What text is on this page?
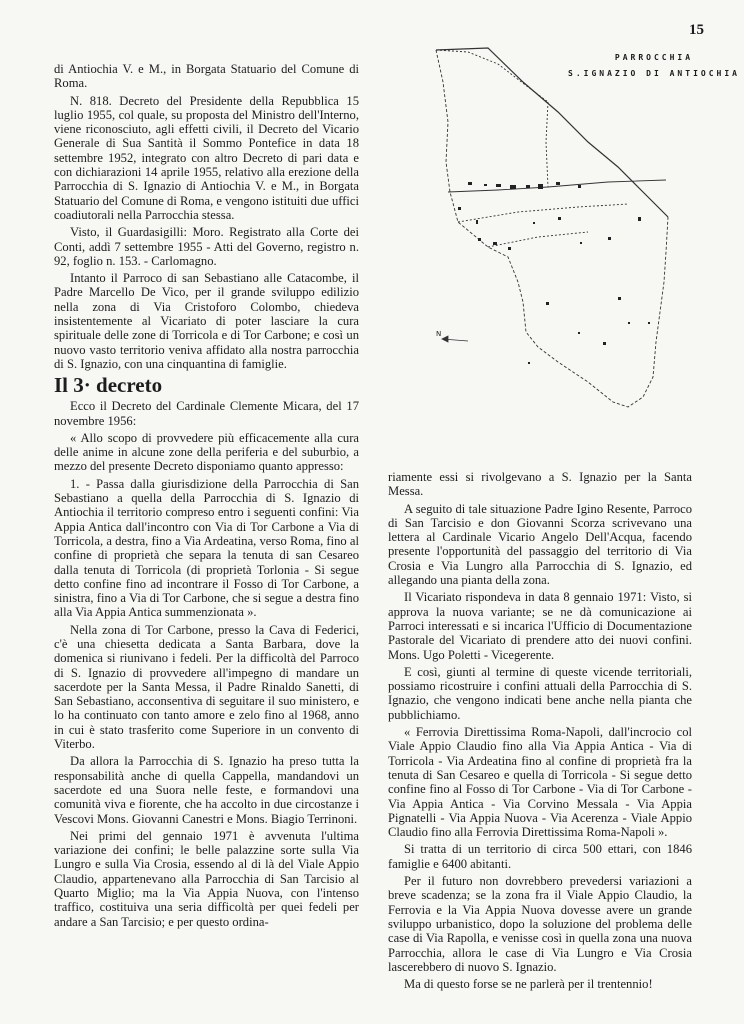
15
PARROCCHIA
S.IGNAZIO DI ANTIOCHIA
N

di Antiochia V. e M., in Borgata Statuario del Comune di Roma.

N. 818. Decreto del Presidente della Repubblica 15 luglio 1955, col quale, su proposta del Ministro dell'Interno, viene riconosciuto, agli effetti civili, il Decreto del Vicario Generale di Sua Santità il Sommo Pontefice in data 18 settembre 1952, integrato con altro Decreto di pari data e con dichiarazioni 14 aprile 1955, relativo alla erezione della Parrocchia di S. Ignazio di Antiochia V. e M., in Borgata Statuario del Comune di Roma, e vengono istituiti due uffici coadiutorali nella Parrocchia stessa.

Visto, il Guardasigilli: Moro. Registrato alla Corte dei Conti, addì 7 settembre 1955 - Atti del Governo, registro n. 92, foglio n. 153. - Carlomagno.

Intanto il Parroco di san Sebastiano alle Catacombe, il Padre Marcello De Vico, per il grande sviluppo edilizio nella zona di Via Cristoforo Colombo, chiedeva insistentemente al Vicariato di poter lasciare la cura spirituale delle zone di Torricola e di Tor Carbone; e così un nuovo vasto territorio veniva affidato alla nostra parrocchia di S. Ignazio, con una cinquantina di famiglie.

Il 3· decreto

Ecco il Decreto del Cardinale Clemente Micara, del 17 novembre 1956:

« Allo scopo di provvedere più efficacemente alla cura delle anime in alcune zone della periferia e del suburbio, a mezzo del presente Decreto disponiamo quanto appresso:

1. - Passa dalla giurisdizione della Parrocchia di San Sebastiano a quella della Parrocchia di S. Ignazio di Antiochia il territorio compreso entro i seguenti confini: Via Appia Antica dall'incontro con Via di Tor Carbone a Via di Torricola, a destra, fino a Via Ardeatina, verso Roma, fino al confine di proprietà che separa la tenuta di san Cesareo dalla tenuta di Torricola (di proprietà Torlonia - Si segue detto confine fino ad incontrare il Fosso di Tor Carbone, a sinistra, fino a Via di Tor Carbone, che si segue a destra fino alla Via Appia Antica summenzionata ».

Nella zona di Tor Carbone, presso la Cava di Federici, c'è una chiesetta dedicata a Santa Barbara, dove la domenica si riunivano i fedeli. Per la difficoltà del Parroco di S. Ignazio di provvedere all'impegno di mandare un sacerdote per la Santa Messa, il Padre Rinaldo Sanetti, di San Sebastiano, acconsentiva di seguitare il suo ministero, e lo ha continuato con tanto amore e zelo fino al 1968, anno in cui è stato trasferito come Superiore in un convento di Viterbo.

Da allora la Parrocchia di S. Ignazio ha preso tutta la responsabilità anche di quella Cappella, mandandovi un sacerdote ed una Suora nelle feste, e formandovi una comunità viva e fiorente, che ha accolto in due circostanze i Vescovi Mons. Giovanni Canestri e Mons. Biagio Terrinoni.

Nei primi del gennaio 1971 è avvenuta l'ultima variazione dei confini; le belle palazzine sorte sulla Via Lungro e sulla Via Crosia, essendo al di là del Viale Appio Claudio, appartenevano alla Parrocchia di San Tarcisio al Quarto Miglio; ma la Via Appia Nuova, con l'intenso traffico, costituiva una seria difficoltà per quei fedeli per andare a San Tarcisio; e per questo ordina-

riamente essi si rivolgevano a S. Ignazio per la Santa Messa.

A seguito di tale situazione Padre Igino Resente, Parroco di San Tarcisio e don Giovanni Scorza scrivevano una lettera al Cardinale Vicario Angelo Dell'Acqua, facendo presente l'opportunità del passaggio del territorio di Via Crosia e Via Lungro alla Parrocchia di S. Ignazio, ed allegando una pianta della zona.

Il Vicariato rispondeva in data 8 gennaio 1971: Visto, si approva la nuova variante; se ne dà comunicazione ai Parroci interessati e si incarica l'Ufficio di Documentazione Pastorale del Vicariato di prendere atto dei nuovi confini. Mons. Ugo Poletti - Vicegerente.

E così, giunti al termine di queste vicende territoriali, possiamo ricostruire i confini attuali della Parrocchia di S. Ignazio, che vengono indicati bene anche nella pianta che pubblichiamo.

« Ferrovia Direttissima Roma-Napoli, dall'incrocio col Viale Appio Claudio fino alla Via Appia Antica - Via di Torricola - Via Ardeatina fino al confine di proprietà fra la tenuta di San Cesareo e quella di Torricola - Si segue detto confine fino al Fosso di Tor Carbone - Via di Tor Carbone - Via Appia Antica - Via Corvino Messala - Via Appia Pignatelli - Via Appia Nuova - Via Acerenza - Viale Appio Claudio fino alla Ferrovia Direttissima Roma-Napoli ».

Si tratta di un territorio di circa 500 ettari, con 1846 famiglie e 6400 abitanti.

Per il futuro non dovrebbero prevedersi variazioni a breve scadenza; se la zona fra il Viale Appio Claudio, la Ferrovia e la Via Appia Nuova dovesse avere un grande sviluppo urbanistico, dopo la soluzione del problema delle case di Via Rapolla, e venisse così in quella zona una nuova Parrocchia, allora le case di Via Lungro e Via Crosia lascerebbero di nuovo S. Ignazio.

Ma di questo forse se ne parlerà per il trentennio!
